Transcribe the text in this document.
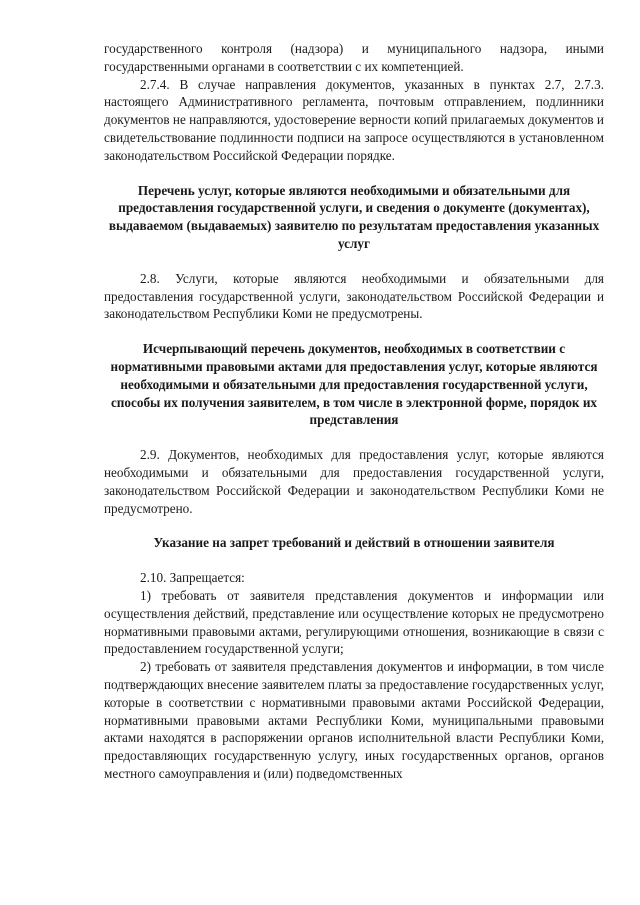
государственного контроля (надзора) и муниципального надзора, иными государственными органами в соответствии с их компетенцией.

2.7.4. В случае направления документов, указанных в пунктах 2.7, 2.7.3. настоящего Административного регламента, почтовым отправлением, подлинники документов не направляются, удостоверение верности копий прилагаемых документов и свидетельствование подлинности подписи на запросе осуществляются в установленном законодательством Российской Федерации порядке.

Перечень услуг, которые являются необходимыми и обязательными для предоставления государственной услуги, и сведения о документе (документах), выдаваемом (выдаваемых) заявителю по результатам предоставления указанных услуг

2.8. Услуги, которые являются необходимыми и обязательными для предоставления государственной услуги, законодательством Российской Федерации и законодательством Республики Коми не предусмотрены.

Исчерпывающий перечень документов, необходимых в соответствии с нормативными правовыми актами для предоставления услуг, которые являются необходимыми и обязательными для предоставления государственной услуги, способы их получения заявителем, в том числе в электронной форме, порядок их представления

2.9. Документов, необходимых для предоставления услуг, которые являются необходимыми и обязательными для предоставления государственной услуги, законодательством Российской Федерации и законодательством Республики Коми не предусмотрено.

Указание на запрет требований и действий в отношении заявителя

2.10. Запрещается:

1) требовать от заявителя представления документов и информации или осуществления действий, представление или осуществление которых не предусмотрено нормативными правовыми актами, регулирующими отношения, возникающие в связи с предоставлением государственной услуги;

2) требовать от заявителя представления документов и информации, в том числе подтверждающих внесение заявителем платы за предоставление государственных услуг, которые в соответствии с нормативными правовыми актами Российской Федерации, нормативными правовыми актами Республики Коми, муниципальными правовыми актами находятся в распоряжении органов исполнительной власти Республики Коми, предоставляющих государственную услугу, иных государственных органов, органов местного самоуправления и (или) подведомственных
